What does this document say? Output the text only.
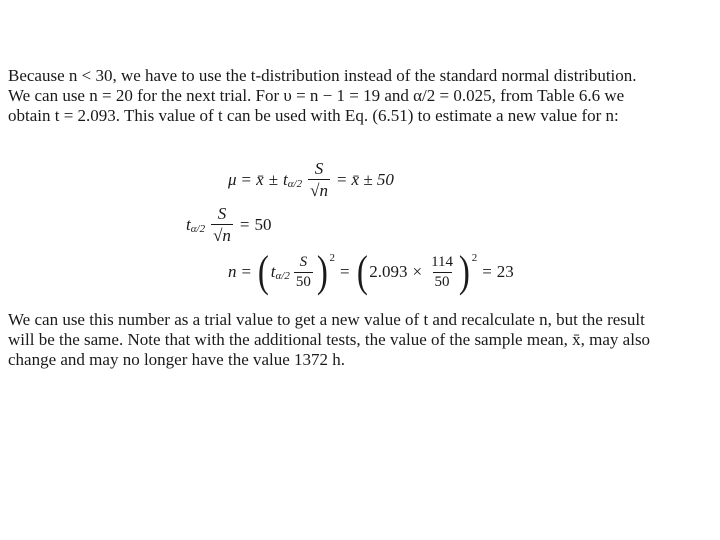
Because n < 30, we have to use the t-distribution instead of the standard normal distribution.
We can use n = 20 for the next trial. For υ = n − 1 = 19 and α/2 = 0.025, from Table 6.6 we
obtain t = 2.093. This value of t can be used with Eq. (6.51) to estimate a new value for n:

μ = x̄ ± t $\alpha/2 \frac{S}{√ n}$ = x̄ ± 50
t $\alpha/2 \frac{S}{√ n} = 50$
n = ( t $\alpha/2 \frac{S}{50}$ ) 2
= ( $2.093 \times \frac{114}{50}$ ) 2
= 23

We can use this number as a trial value to get a new value of t and recalculate n, but the result
will be the same. Note that with the additional tests, the value of the sample mean, x̄, may also
change and may no longer have the value 1372 h.
